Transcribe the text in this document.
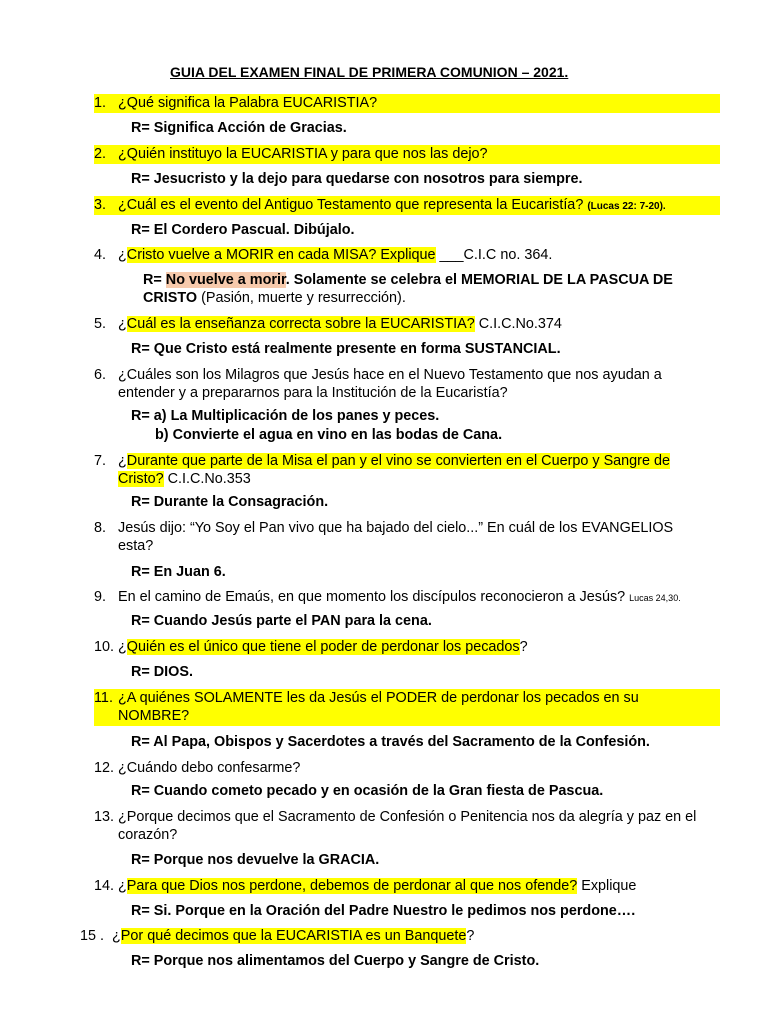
GUIA DEL EXAMEN FINAL DE PRIMERA COMUNION – 2021.
1. ¿Qué significa la Palabra EUCARISTIA?
R= Significa Acción de Gracias.
2. ¿Quién instituyo la EUCARISTIA y para que nos las dejo?
R= Jesucristo y la dejo para quedarse con nosotros para siempre.
3. ¿Cuál es el evento del Antiguo Testamento que representa la Eucaristía? (Lucas 22: 7-20).
R= El Cordero Pascual. Dibújalo.
4. ¿Cristo vuelve a MORIR en cada MISA? Explique ___C.I.C no. 364.
R= No vuelve a morir. Solamente se celebra el MEMORIAL DE LA PASCUA DE
CRISTO (Pasión, muerte y resurrección).
5. ¿Cuál es la enseñanza correcta sobre la EUCARISTIA? C.I.C.No.374
R= Que Cristo está realmente presente en forma SUSTANCIAL.
6. ¿Cuáles son los Milagros que Jesús hace en el Nuevo Testamento que nos ayudan a
entender y a prepararnos para la Institución de la Eucaristía?
R= a) La Multiplicación de los panes y peces.
b) Convierte el agua en vino en las bodas de Cana.
7. ¿Durante que parte de la Misa el pan y el vino se convierten en el Cuerpo y Sangre de
Cristo? C.I.C.No.353
R= Durante la Consagración.
8. Jesús dijo: “Yo Soy el Pan vivo que ha bajado del cielo...” En cuál de los EVANGELIOS
esta?
R= En Juan 6.
9. En el camino de Emaús, en que momento los discípulos reconocieron a Jesús? Lucas 24,30.
R= Cuando Jesús parte el PAN para la cena.
10. ¿Quién es el único que tiene el poder de perdonar los pecados?
R= DIOS.
11. ¿A quiénes SOLAMENTE les da Jesús el PODER de perdonar los pecados en su
NOMBRE?
R= Al Papa, Obispos y Sacerdotes a través del Sacramento de la Confesión.
12. ¿Cuándo debo confesarme?
R= Cuando cometo pecado y en ocasión de la Gran fiesta de Pascua.
13. ¿Porque decimos que el Sacramento de Confesión o Penitencia nos da alegría y paz en el
corazón?
R= Porque nos devuelve la GRACIA.
14. ¿Para que Dios nos perdone, debemos de perdonar al que nos ofende? Explique
R= Si. Porque en la Oración del Padre Nuestro le pedimos nos perdone….
15 . ¿Por qué decimos que la EUCARISTIA es un Banquete?
R= Porque nos alimentamos del Cuerpo y Sangre de Cristo.
